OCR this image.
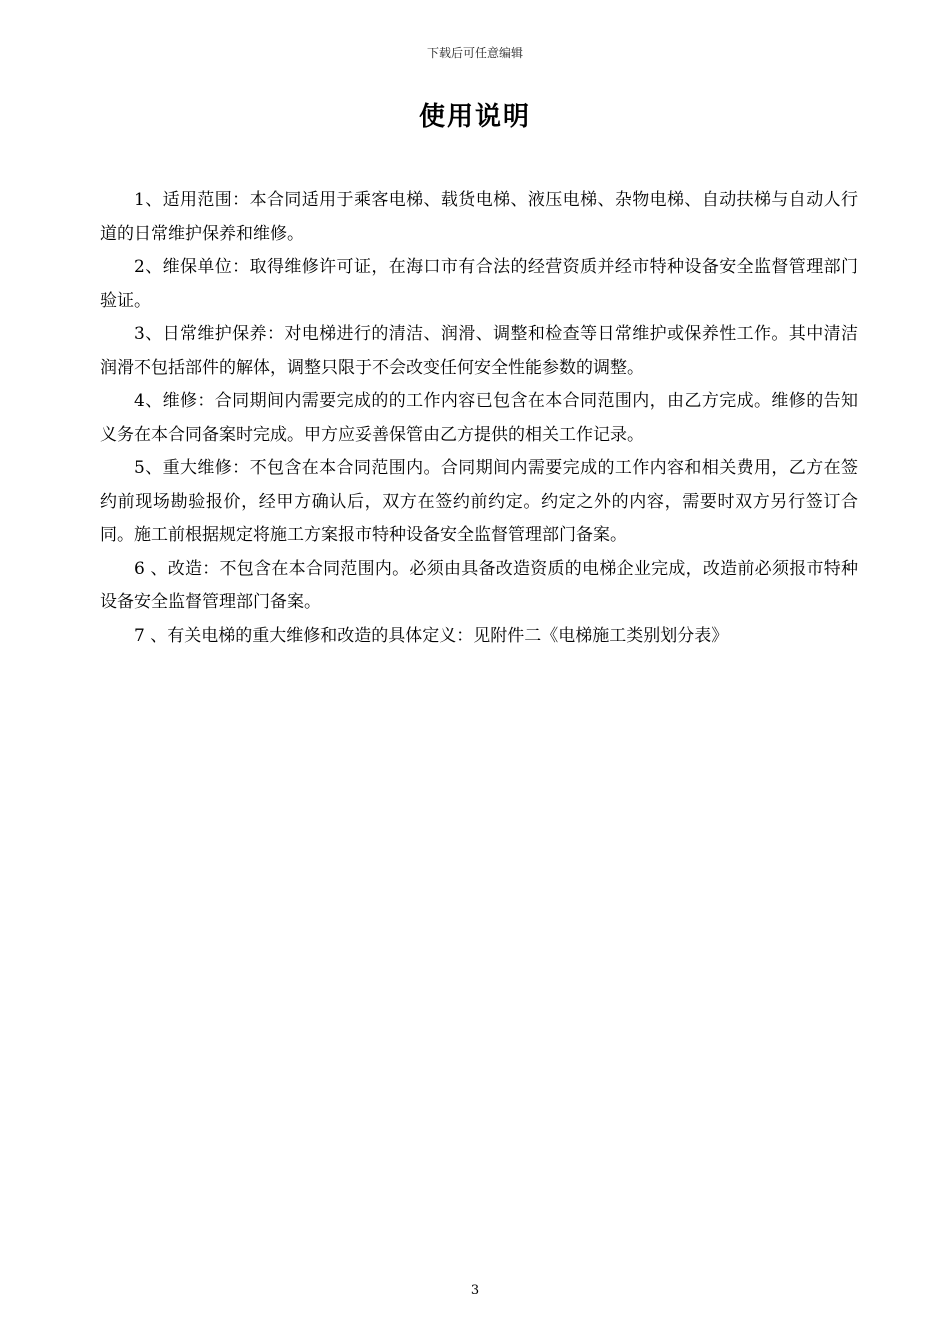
下载后可任意编辑
使用说明

1、适用范围：本合同适用于乘客电梯、载货电梯、液压电梯、杂物电梯、自动扶梯与自动人行道的日常维护保养和维修。

2、维保单位：取得维修许可证，在海口市有合法的经营资质并经市特种设备安全监督管理部门验证。

3、日常维护保养：对电梯进行的清洁、润滑、调整和检查等日常维护或保养性工作。其中清洁润滑不包括部件的解体，调整只限于不会改变任何安全性能参数的调整。

4、维修：合同期间内需要完成的的工作内容已包含在本合同范围内，由乙方完成。维修的告知义务在本合同备案时完成。甲方应妥善保管由乙方提供的相关工作记录。

5、重大维修：不包含在本合同范围内。合同期间内需要完成的工作内容和相关费用，乙方在签约前现场勘验报价，经甲方确认后，双方在签约前约定。约定之外的内容，需要时双方另行签订合同。施工前根据规定将施工方案报市特种设备安全监督管理部门备案。

6 、改造：不包含在本合同范围内。必须由具备改造资质的电梯企业完成，改造前必须报市特种设备安全监督管理部门备案。

7 、有关电梯的重大维修和改造的具体定义：见附件二《电梯施工类别划分表》

3
